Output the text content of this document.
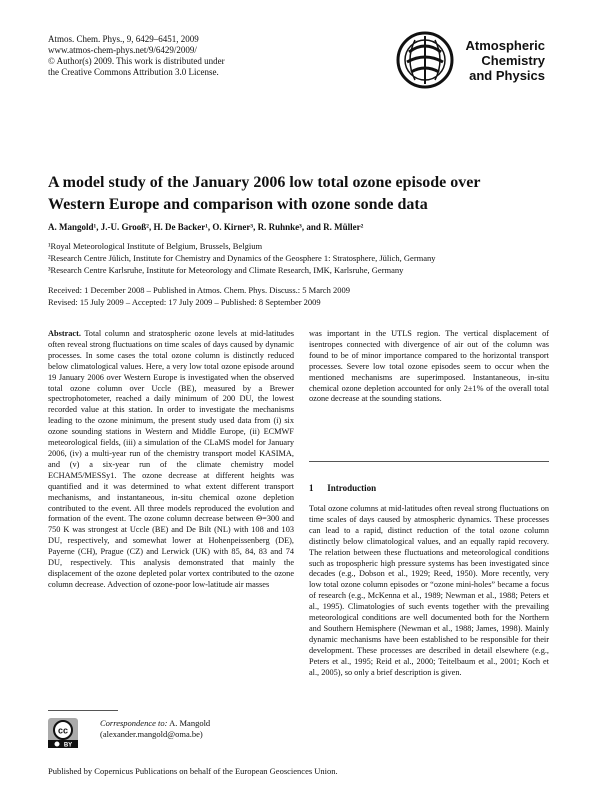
Atmos. Chem. Phys., 9, 6429–6451, 2009
www.atmos-chem-phys.net/9/6429/2009/
© Author(s) 2009. This work is distributed under
the Creative Commons Attribution 3.0 License.
Atmospheric
Chemistry
and Physics
A model study of the January 2006 low total ozone episode over
Western Europe and comparison with ozone sonde data
A. Mangold¹, J.-U. Grooß², H. De Backer¹, O. Kirner³, R. Ruhnke³, and R. Müller²
¹Royal Meteorological Institute of Belgium, Brussels, Belgium
²Research Centre Jülich, Institute for Chemistry and Dynamics of the Geosphere 1: Stratosphere, Jülich, Germany
³Research Centre Karlsruhe, Institute for Meteorology and Climate Research, IMK, Karlsruhe, Germany
Received: 1 December 2008 – Published in Atmos. Chem. Phys. Discuss.: 5 March 2009
Revised: 15 July 2009 – Accepted: 17 July 2009 – Published: 8 September 2009
Abstract. Total column and stratospheric ozone levels at mid-latitudes often reveal strong fluctuations on time scales of days caused by dynamic processes. In some cases the total ozone column is distinctly reduced below climatological values. Here, a very low total ozone episode around 19 January 2006 over Western Europe is investigated when the observed total ozone column over Uccle (BE), measured by a Brewer spectrophotometer, reached a daily minimum of 200 DU, the lowest recorded value at this station. In order to investigate the mechanisms leading to the ozone minimum, the present study used data from (i) six ozone sounding stations in Western and Middle Europe, (ii) ECMWF meteorological fields, (iii) a simulation of the CLaMS model for January 2006, (iv) a multi-year run of the chemistry transport model KASIMA, and (v) a six-year run of the climate chemistry model ECHAM5/MESSy1. The ozone decrease at different heights was quantified and it was determined to what extent different transport mechanisms, and instantaneous, in-situ chemical ozone depletion contributed to the event. All three models reproduced the evolution and formation of the event. The ozone column decrease between Θ=300 and 750 K was strongest at Uccle (BE) and De Bilt (NL) with 108 and 103 DU, respectively, and somewhat lower at Hohenpeissenberg (DE), Payerne (CH), Prague (CZ) and Lerwick (UK) with 85, 84, 83 and 74 DU, respectively. This analysis demonstrated that mainly the displacement of the ozone depleted polar vortex contributed to the ozone column decrease. Advection of ozone-poor low-latitude air masses
was important in the UTLS region. The vertical displacement of isentropes connected with divergence of air out of the column was found to be of minor importance compared to the horizontal transport processes. Severe low total ozone episodes seem to occur when the mentioned mechanisms are superimposed. Instantaneous, in-situ chemical ozone depletion accounted for only 2±1% of the overall total ozone decrease at the sounding stations.
1 Introduction
Total ozone columns at mid-latitudes often reveal strong fluctuations on time scales of days caused by atmospheric dynamics. These processes can lead to a rapid, distinct reduction of the total ozone column distinctly below climatological values, and an equally rapid recovery. The relation between these fluctuations and meteorological conditions such as tropospheric high pressure systems has been investigated since decades (e.g., Dobson et al., 1929; Reed, 1950). More recently, very low total ozone column episodes or “ozone mini-holes” became a focus of research (e.g., McKenna et al., 1989; Newman et al., 1988; Peters et al., 1995). Climatologies of such events together with the prevailing meteorological conditions are well documented both for the Northern and Southern Hemisphere (Newman et al., 1988; James, 1998). Mainly dynamic mechanisms have been established to be responsible for their development. These processes are described in detail elsewhere (e.g., Peters et al., 1995; Reid et al., 2000; Teitelbaum et al., 2001; Koch et al., 2005), so only a brief description is given.
cc
BY
Correspondence to: A. Mangold
(alexander.mangold@oma.be)
Published by Copernicus Publications on behalf of the European Geosciences Union.
